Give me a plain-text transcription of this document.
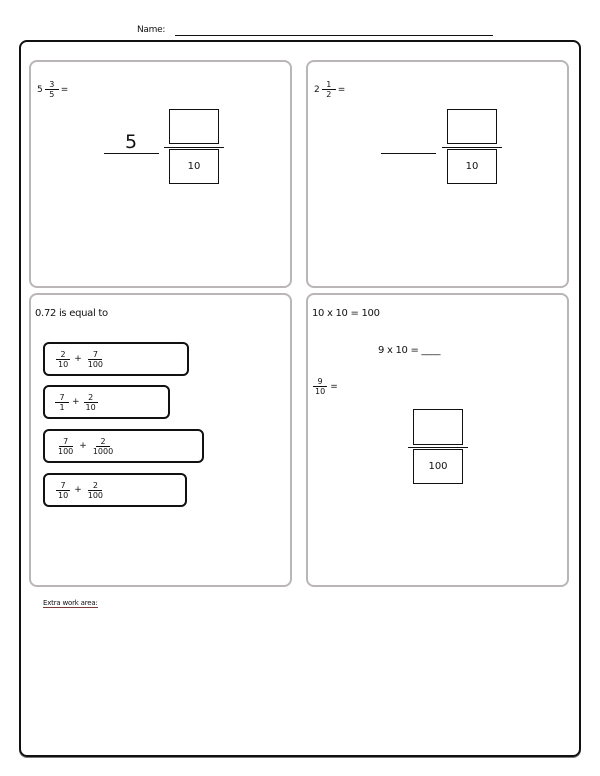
Name:
$5 \frac{3}{5}$ =
5
10
$2 \frac{1}{2}$ =
10
0.72 is equal to
$\frac{2}{10} + \frac{7}{100}$
$\frac{7}{1} + \frac{2}{10}$
$\frac{7}{100} + \frac{2}{1000}$
$\frac{7}{10} + \frac{2}{100}$
10 x 10 = 100
9 x 10 = ____
$\frac{9}{10}$ =
100
Extra work area:
